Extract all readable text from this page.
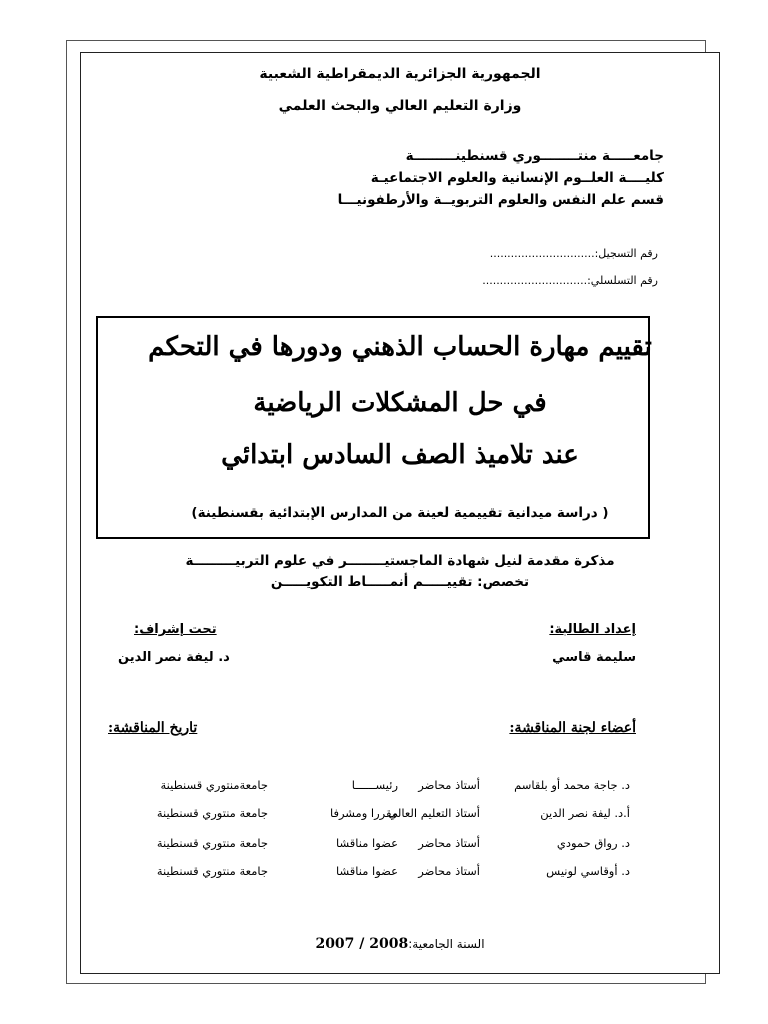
الجمهورية الجزائرية الديمقراطية الشعبية
وزارة التعليم العالي والبحث العلمي
جامعـــــة منتــــــــوري قسنطينـــــــــة
كليــــة العلــوم الإنسانية والعلوم الاجتماعيـة
قسم علم النفس والعلوم التربويــة والأرطفونيـــا
رقم التسجيل:..............................
رقم التسلسلي:..............................
تقييم مهارة الحساب الذهني ودورها في التحكم
في حل المشكلات الرياضية
عند تلاميذ الصف السادس ابتدائي
( دراسة ميدانية تقييمية لعينة من المدارس الإبتدائية بقسنطينة)
مذكرة مقدمة لنيل شهادة الماجستيــــــــر في علوم التربيـــــــــة
تخصص: تقييـــــم أنمـــــاط التكويـــــن
إعداد الطالبة:
سليمة قاسي
تحت إشراف:
د. ليفة نصر الدين
أعضاء لجنة المناقشة:
تاريخ المناقشة:
د. جاجة محمد أو بلقاسم
أستاذ محاضر
رئيســــــا
جامعةمنتوري قسنطينة
أ.د. ليفة نصر الدين
أستاذ التعليم العالي
مقررا ومشرفا
جامعة منتوري قسنطينة
د. رواق حمودي
أستاذ محاضر
عضوا مناقشا
جامعة منتوري قسنطينة
د. أوقاسي لونيس
أستاذ محاضر
عضوا مناقشا
جامعة منتوري قسنطينة
السنة الجامعية:2007 / 2008
